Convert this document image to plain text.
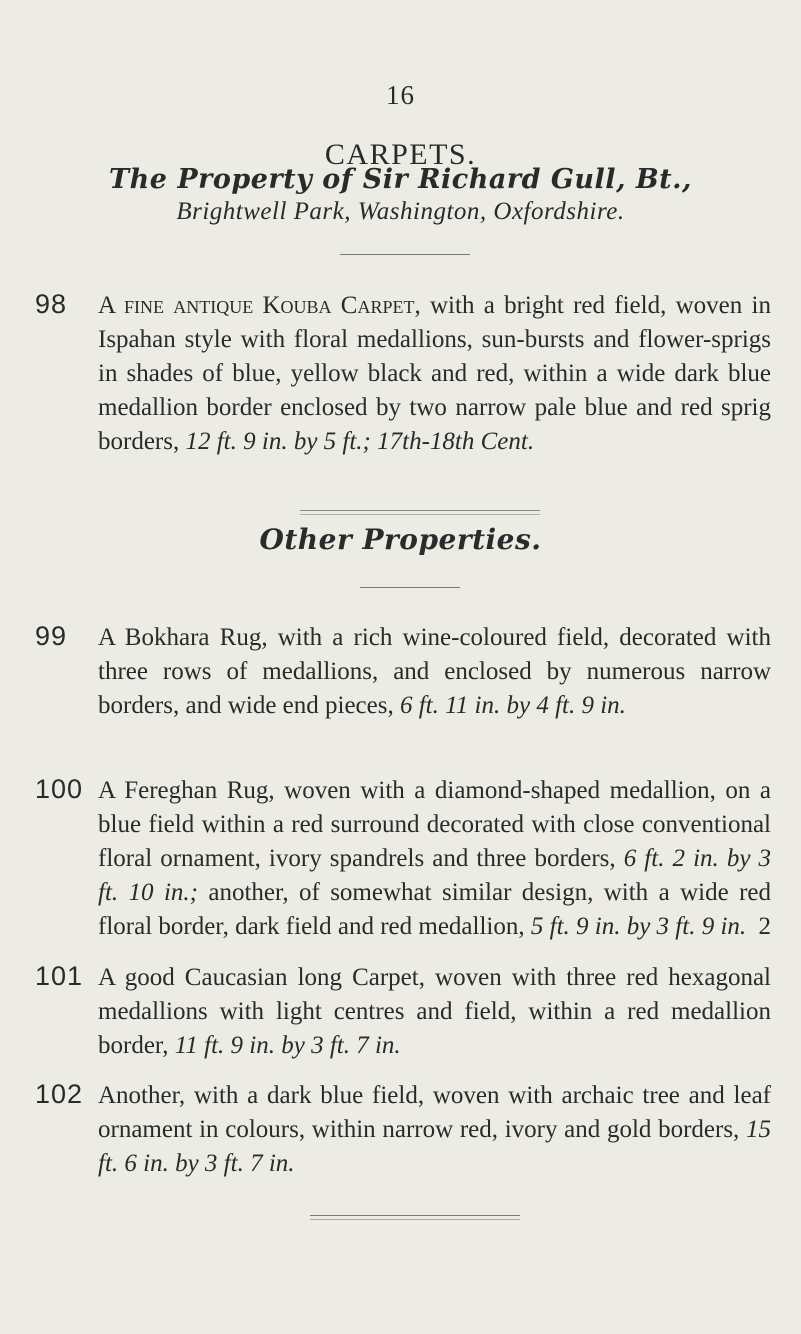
16
CARPETS.
The Property of Sir Richard Gull, Bt.,
Brightwell Park, Washington, Oxfordshire.
98 A fine antique Kouba Carpet, with a bright red field, woven in Ispahan style with floral medallions, sun-bursts and flower-sprigs in shades of blue, yellow black and red, within a wide dark blue medallion border enclosed by two narrow pale blue and red sprig borders, 12 ft. 9 in. by 5 ft.; 17th-18th Cent.

Other Properties.
99 A Bokhara Rug, with a rich wine-coloured field, decorated with three rows of medallions, and enclosed by numerous narrow borders, and wide end pieces, 6 ft. 11 in. by 4 ft. 9 in.

100 A Fereghan Rug, woven with a diamond-shaped medallion, on a blue field within a red surround decorated with close conventional floral ornament, ivory spandrels and three borders, 6 ft. 2 in. by 3 ft. 10 in.; another, of somewhat similar design, with a wide red floral border, dark field and red medallion, 5 ft. 9 in. by 3 ft. 9 in. 2

101 A good Caucasian long Carpet, woven with three red hexagonal medallions with light centres and field, within a red medallion border, 11 ft. 9 in. by 3 ft. 7 in.

102 Another, with a dark blue field, woven with archaic tree and leaf ornament in colours, within narrow red, ivory and gold borders, 15 ft. 6 in. by 3 ft. 7 in.
